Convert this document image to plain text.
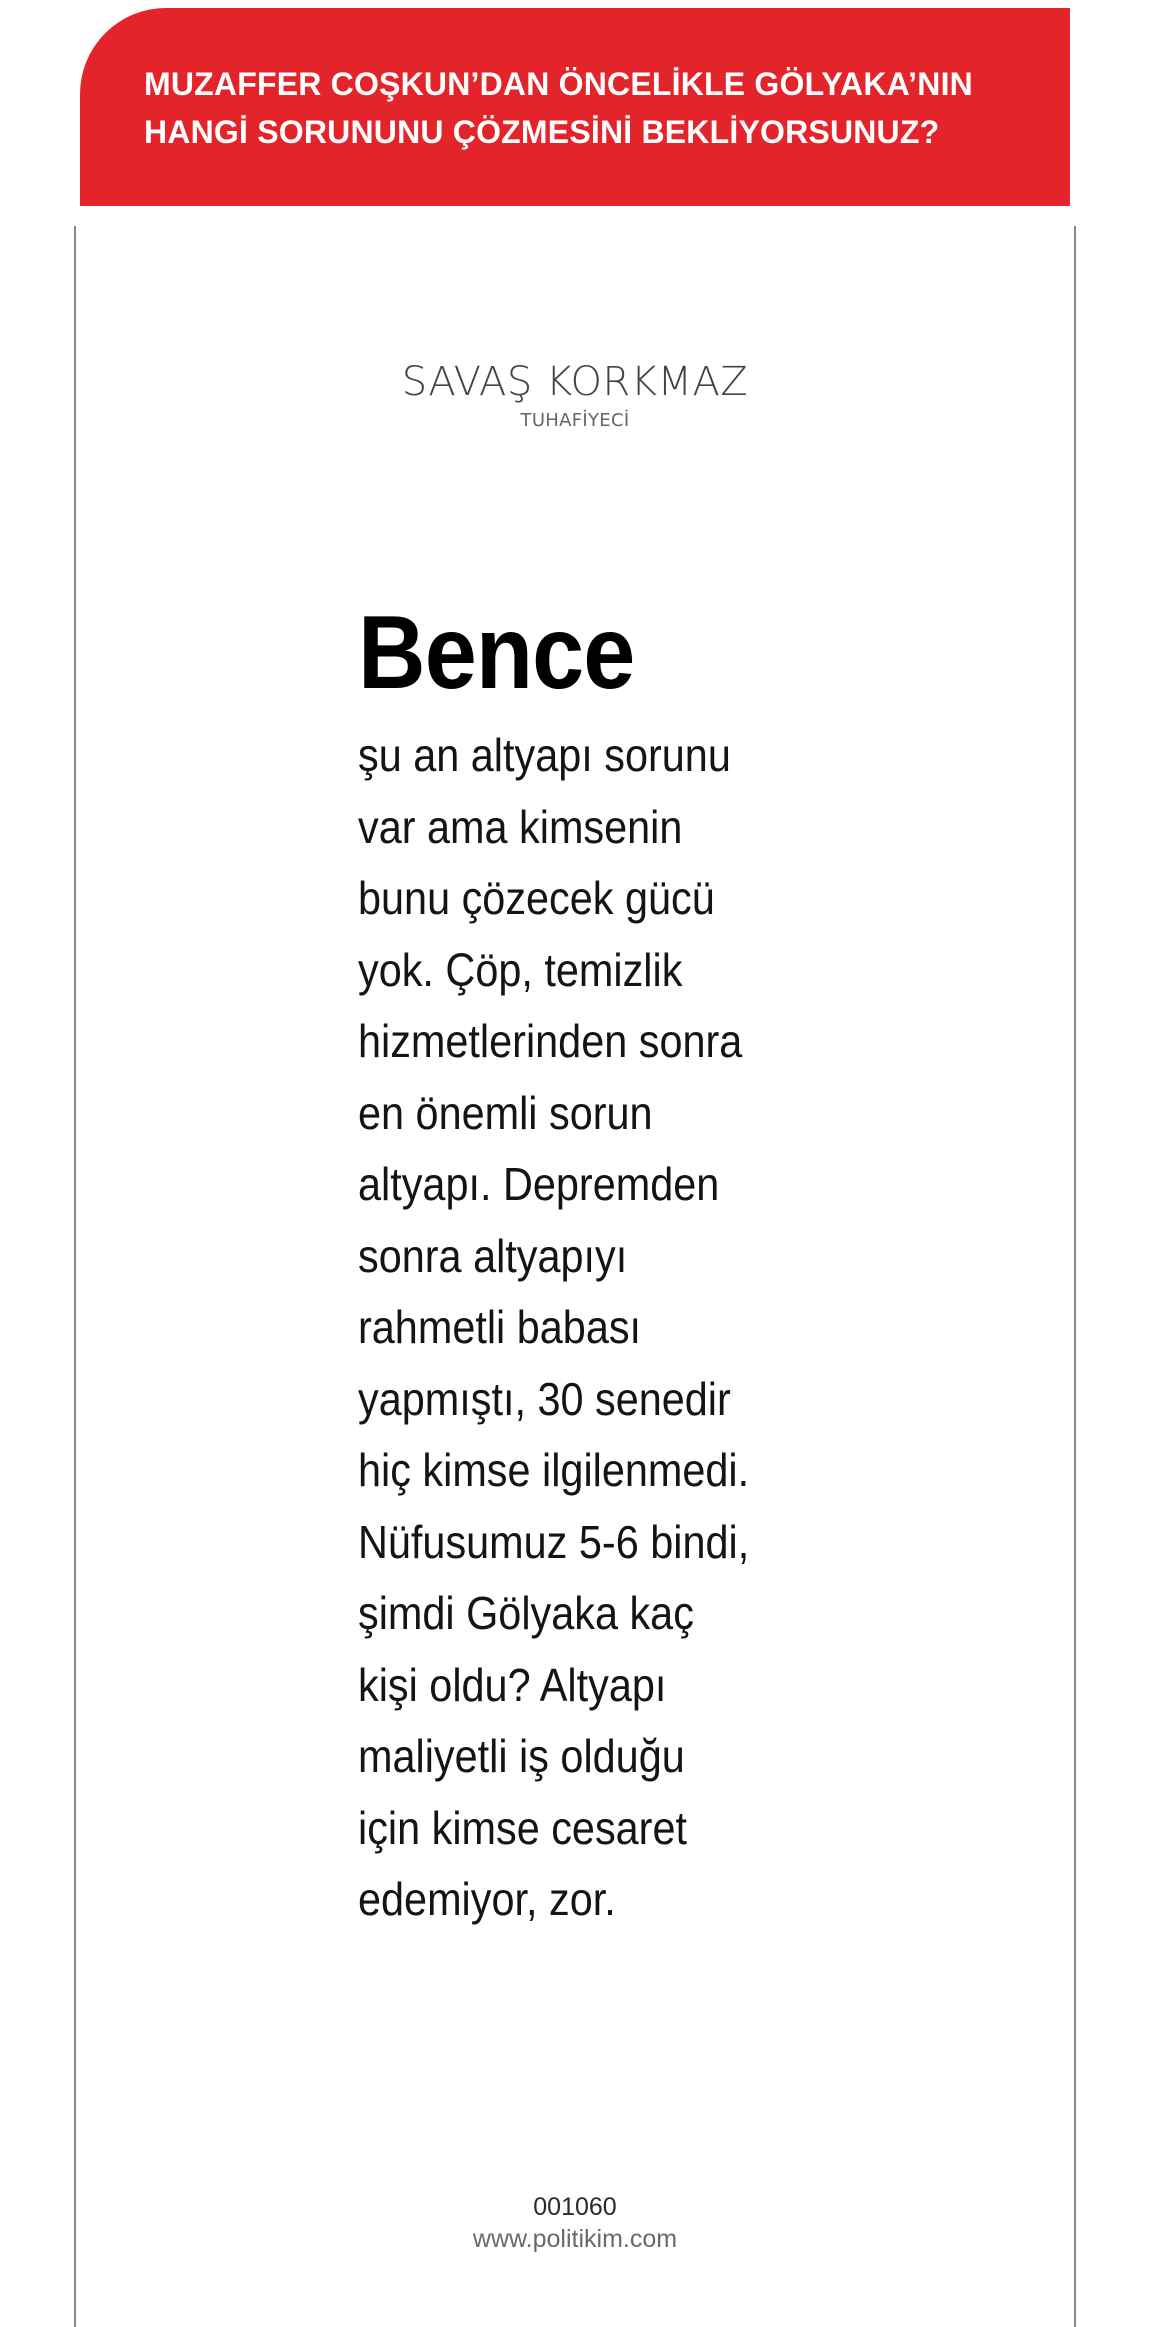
MUZAFFER COŞKUN’DAN ÖNCELİKLE GÖLYAKA’NIN
HANGİ SORUNUNU ÇÖZMESİNİ BEKLİYORSUNUZ?
SAVAŞ KORKMAZ
TUHAFİYECİ

Bence

şu an altyapı sorunu
var ama kimsenin
bunu çözecek gücü
yok. Çöp, temizlik
hizmetlerinden sonra
en önemli sorun
altyapı. Depremden
sonra altyapıyı
rahmetli babası
yapmıştı, 30 senedir
hiç kimse ilgilenmedi.
Nüfusumuz 5-6 bindi,
şimdi Gölyaka kaç
kişi oldu? Altyapı
maliyetli iş olduğu
için kimse cesaret
edemiyor, zor.

001060
www.politikim.com
